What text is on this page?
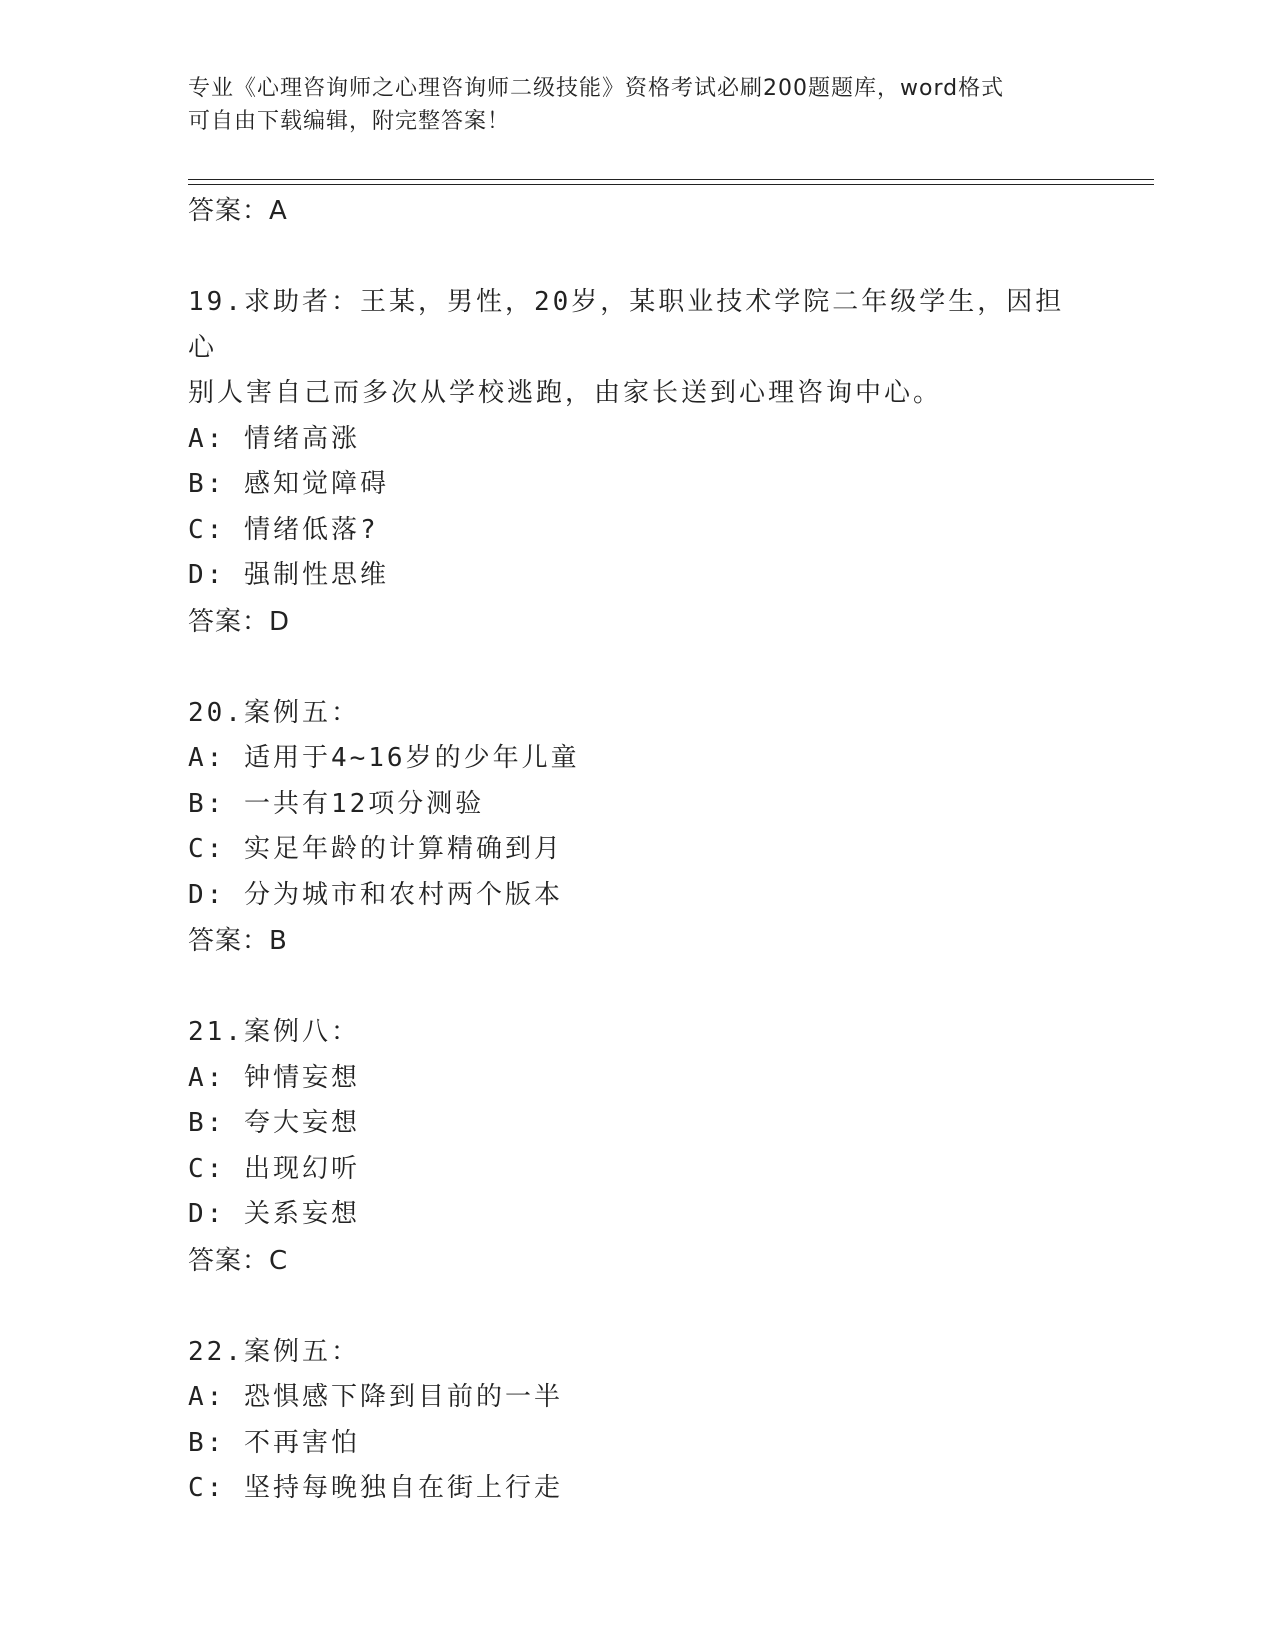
专业《心理咨询师之心理咨询师二级技能》资格考试必刷200题题库，word格式
可自由下载编辑，附完整答案！
答案：A
19.求助者：王某，男性，20岁，某职业技术学院二年级学生，因担心
别人害自己而多次从学校逃跑，由家长送到心理咨询中心。
A: 情绪高涨
B: 感知觉障碍
C: 情绪低落?
D: 强制性思维
答案：D
20.案例五：
A: 适用于4~16岁的少年儿童
B: 一共有12项分测验
C: 实足年龄的计算精确到月
D: 分为城市和农村两个版本
答案：B
21.案例八：
A: 钟情妄想
B: 夸大妄想
C: 出现幻听
D: 关系妄想
答案：C
22.案例五：
A: 恐惧感下降到目前的一半
B: 不再害怕
C: 坚持每晚独自在街上行走
